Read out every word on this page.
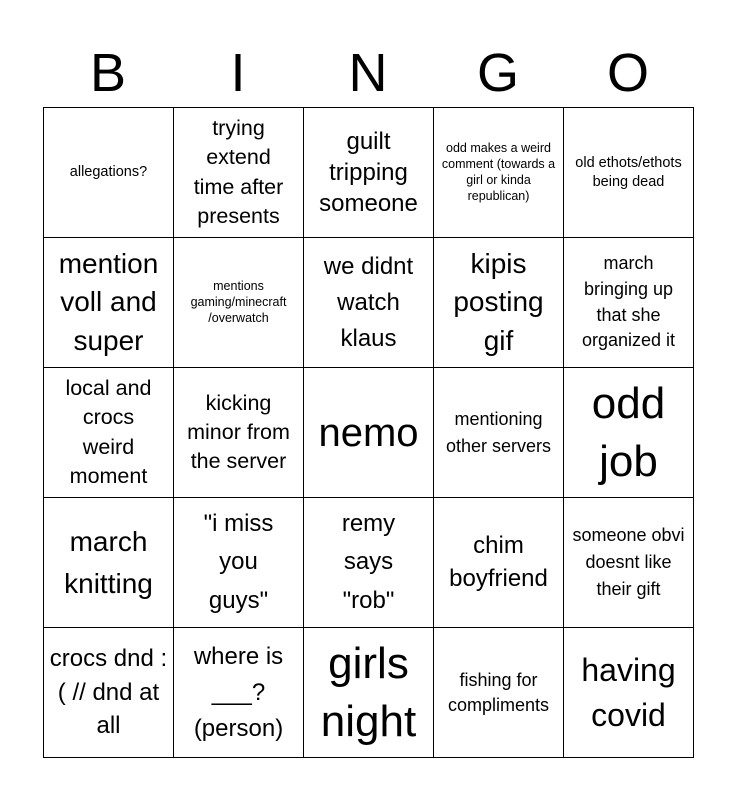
B	I	N	G	O
allegations?	trying extend time after presents	guilt tripping someone	odd makes a weird comment (towards a girl or kinda republican)	old ethots/ethots being dead
mention voll and super	mentions gaming/minecraft /overwatch	we didnt watch klaus	kipis posting gif	march bringing up that she organized it
local and crocs weird moment	kicking minor from the server	nemo	mentioning other servers	odd job
march knitting	"i miss you guys"	remy says "rob"	chim boyfriend	someone obvi doesnt like their gift
crocs dnd :( // dnd at all	where is ___? (person)	girls night	fishing for compliments	having covid
